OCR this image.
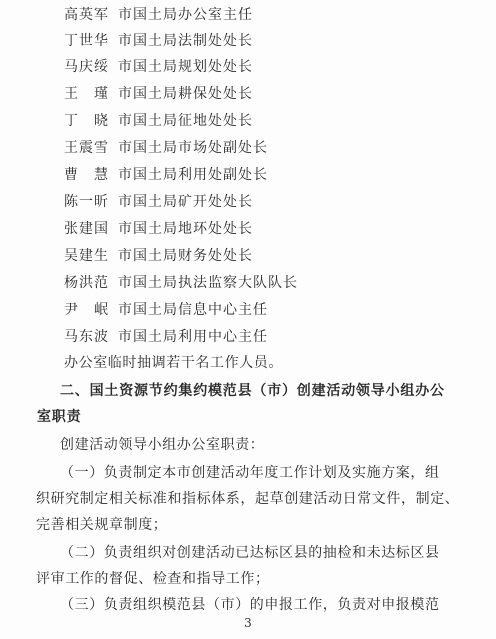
高英军 市国土局办公室主任
丁世华 市国土局法制处处长
马庆绥 市国土局规划处处长
王　瑾 市国土局耕保处处长
丁　晓 市国土局征地处处长
王震雪 市国土局市场处副处长
曹　慧 市国土局利用处副处长
陈一昕 市国土局矿开处处长
张建国 市国土局地环处处长
吴建生 市国土局财务处处长
杨洪范 市国土局执法监察大队队长
尹　岷 市国土局信息中心主任
马东波 市国土局利用中心主任
办公室临时抽调若干名工作人员。
二、国土资源节约集约模范县（市）创建活动领导小组办公
室职责
创建活动领导小组办公室职责：
（一）负责制定本市创建活动年度工作计划及实施方案，组
织研究制定相关标准和指标体系，起草创建活动日常文件，制定、
完善相关规章制度；
（二）负责组织对创建活动已达标区县的抽检和未达标区县
评审工作的督促、检查和指导工作；
（三）负责组织模范县（市）的申报工作，负责对申报模范
3
